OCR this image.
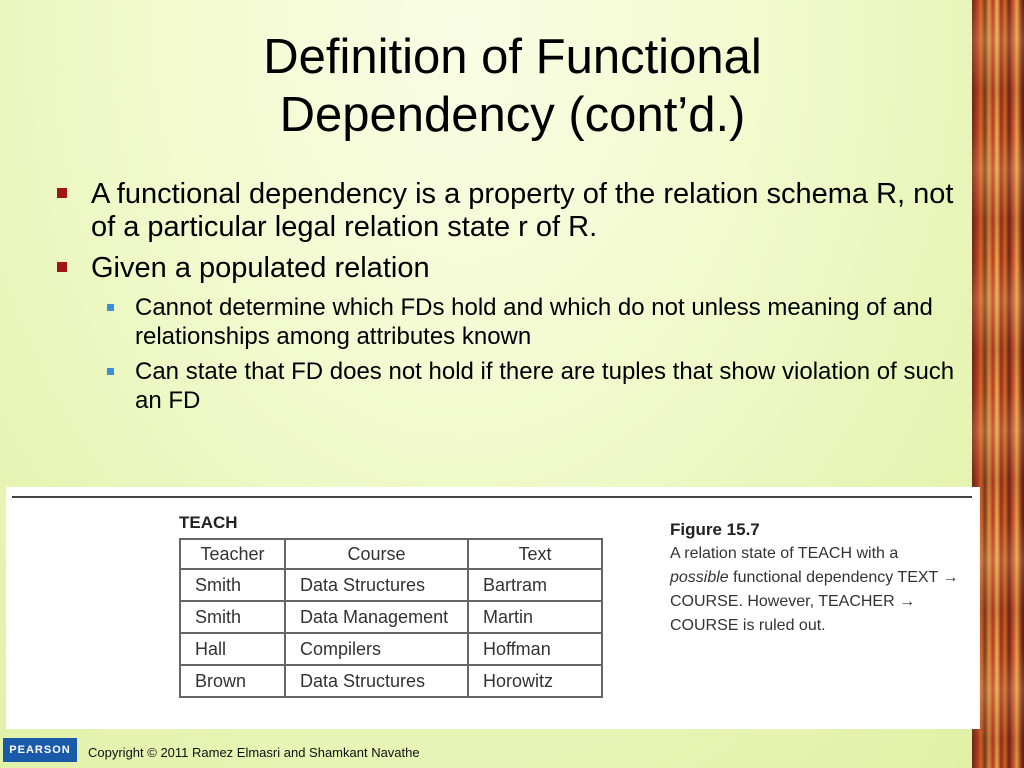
Definition of Functional
Dependency (cont’d.)
A functional dependency is a property of the relation schema R, not of a particular legal relation state r of R.
Given a populated relation
Cannot determine which FDs hold and which do not unless meaning of and relationships among attributes known
Can state that FD does not hold if there are tuples that show violation of such an FD
TEACH
Teacher	Course	Text
Smith	Data Structures	Bartram
Smith	Data Management	Martin
Hall	Compilers	Hoffman
Brown	Data Structures	Horowitz
Figure 15.7
A relation state of TEACH with a possible functional dependency TEXT → COURSE. However, TEACHER → COURSE is ruled out.
PEARSON Copyright © 2011 Ramez Elmasri and Shamkant Navathe
